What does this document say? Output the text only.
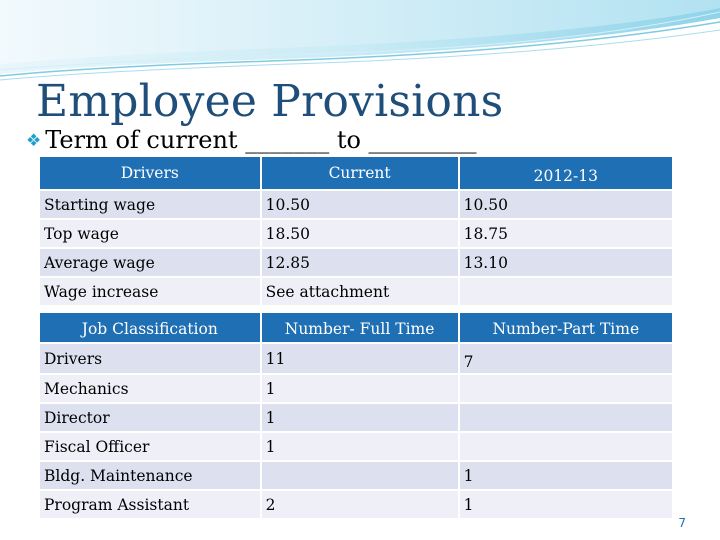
Employee Provisions
❖ Term of current _______ to _________
Drivers	Current	2012-13
Starting wage	10.50	10.50
Top wage	18.50	18.75
Average wage	12.85	13.10
Wage increase	See attachment	
Job Classification	Number- Full Time	Number-Part Time
Drivers	11	7
Mechanics	1	
Director	1	
Fiscal Officer	1	
Bldg. Maintenance		1
Program Assistant	2	1
7
